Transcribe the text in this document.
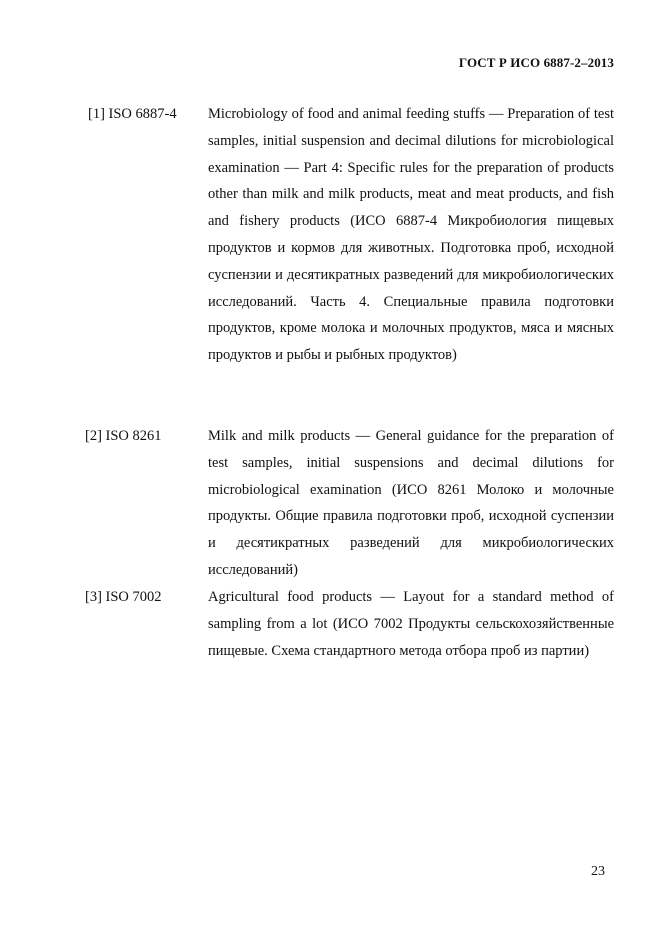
ГОСТ Р ИСО 6887-2–2013
[1] ISO 6887-4 Microbiology of food and animal feeding stuffs — Preparation of test samples, initial suspension and decimal dilutions for microbiological examination — Part 4: Specific rules for the preparation of products other than milk and milk products, meat and meat products, and fish and fishery products (ИСО 6887-4 Микробиология пищевых продуктов и кормов для животных. Подготовка проб, исходной суспензии и десятикратных разведений для микробиологических исследований. Часть 4. Специальные правила подготовки продуктов, кроме молока и молочных продуктов, мяса и мясных продуктов и рыбы и рыбных продуктов)

[2] ISO 8261	Milk and milk products — General guidance for the preparation of test samples, initial suspensions and decimal dilutions for microbiological examination (ИСО 8261 Молоко и молочные продукты. Общие правила подготовки проб, исходной суспензии и десятикратных разведений для микробиологических исследований)

[3] ISO 7002	Agricultural food products — Layout for a standard method of sampling from a lot (ИСО 7002 Продукты сельскохозяйственные пищевые. Схема стандартного метода отбора проб из партии)

23
